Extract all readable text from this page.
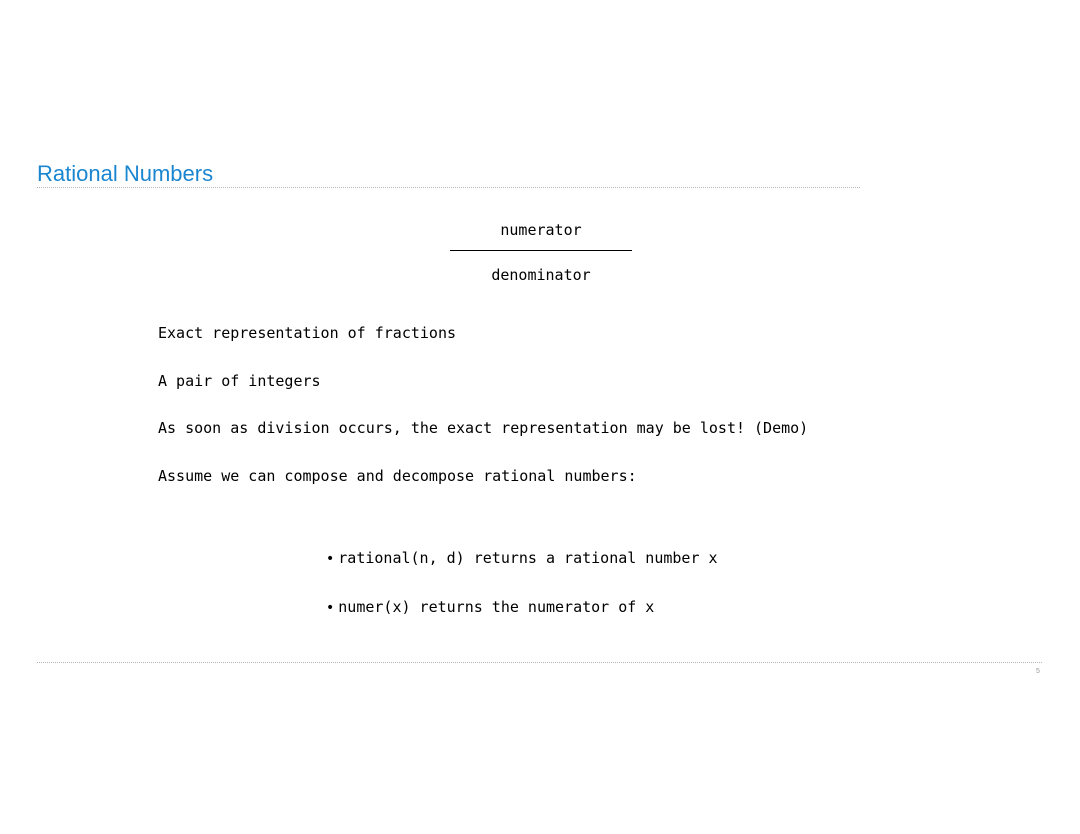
Rational Numbers
numerator
denominator
Exact representation of fractions
A pair of integers
As soon as division occurs, the exact representation may be lost! (Demo)
Assume we can compose and decompose rational numbers:
• rational(n, d) returns a rational number x
• numer(x) returns the numerator of x
5
